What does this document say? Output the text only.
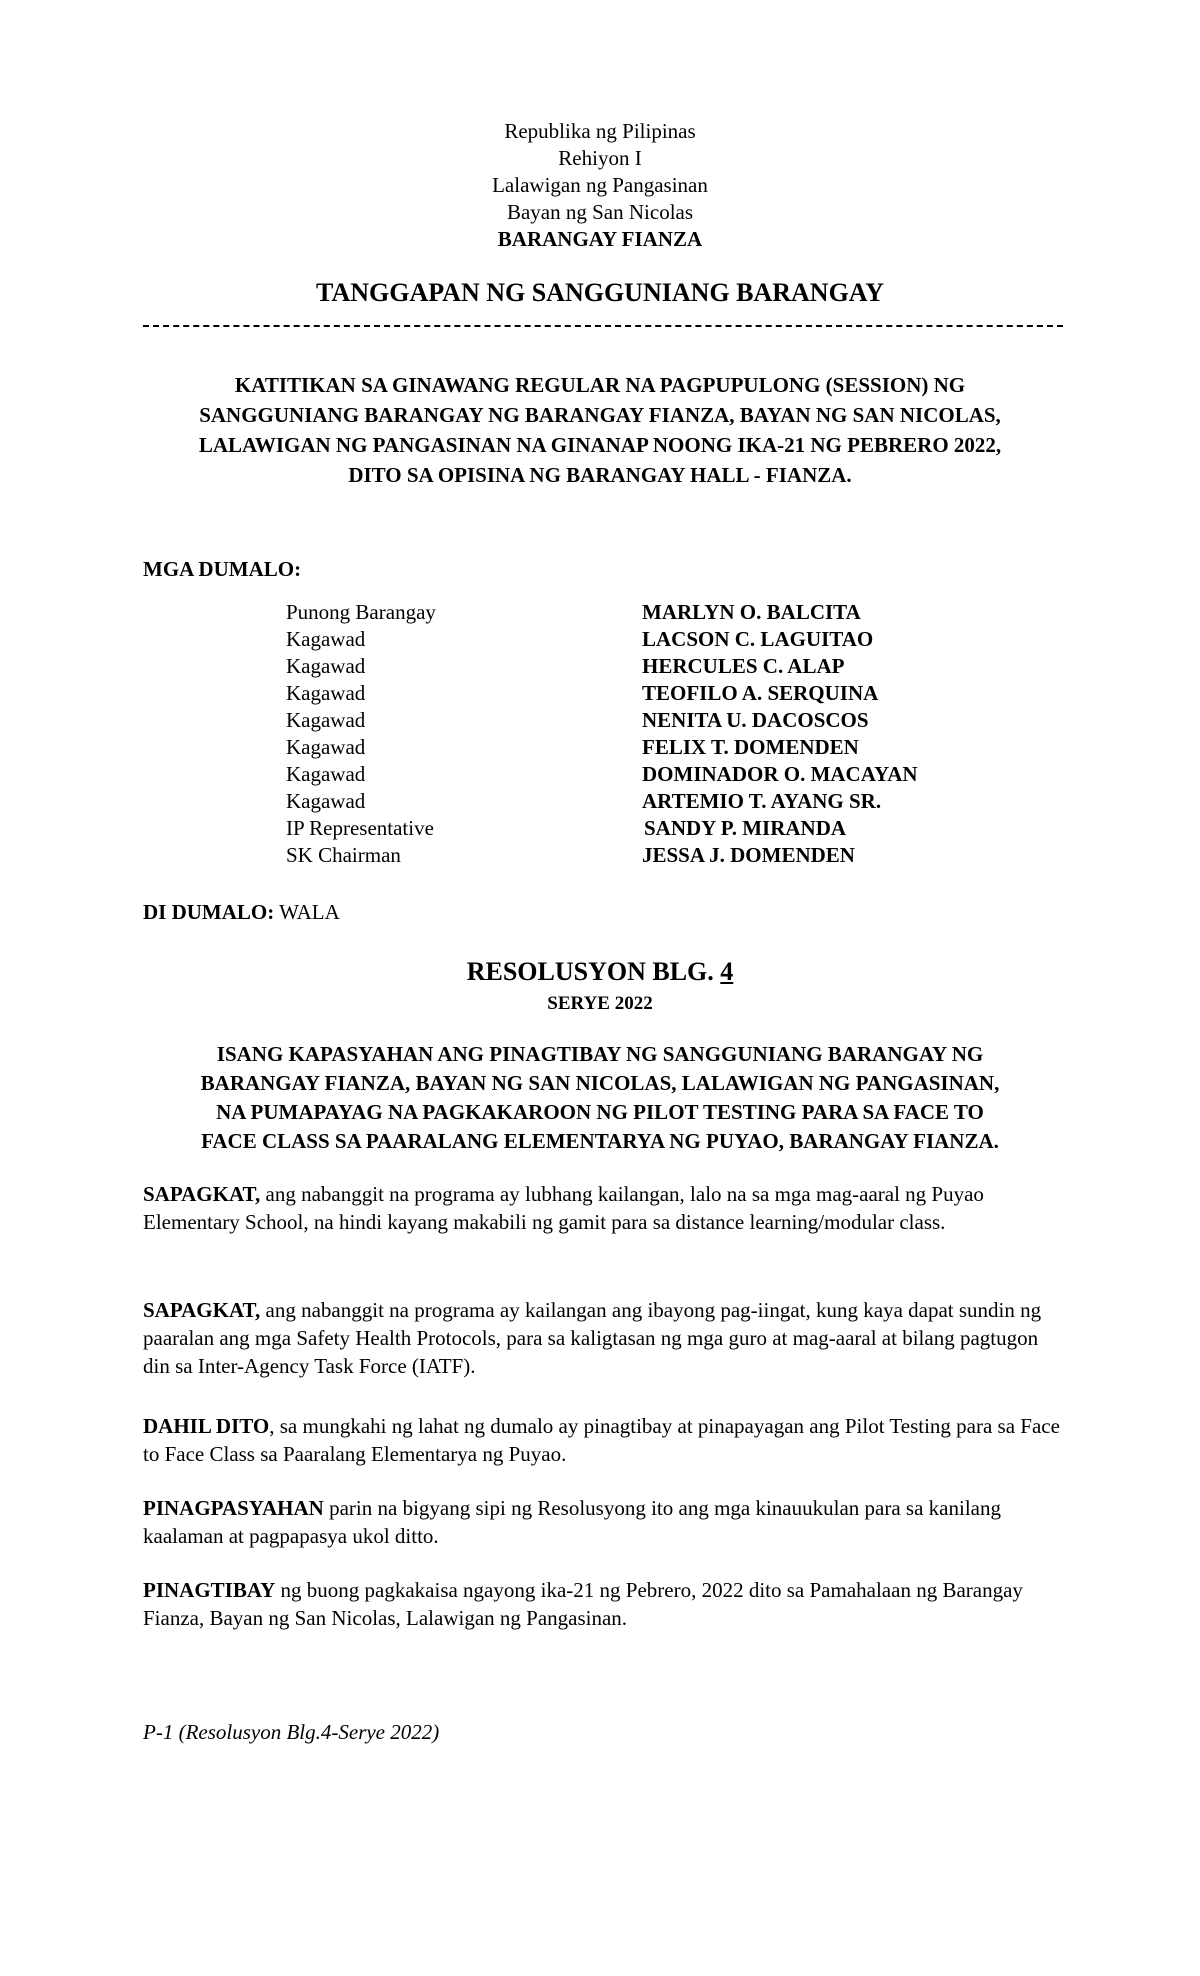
Republika ng Pilipinas
Rehiyon I
Lalawigan ng Pangasinan
Bayan ng San Nicolas
BARANGAY FIANZA
TANGGAPAN NG SANGGUNIANG BARANGAY
KATITIKAN SA GINAWANG REGULAR NA PAGPUPULONG (SESSION) NG
SANGGUNIANG BARANGAY NG BARANGAY FIANZA, BAYAN NG SAN NICOLAS,
LALAWIGAN NG PANGASINAN NA GINANAP NOONG IKA-21 NG PEBRERO 2022,
DITO SA OPISINA NG BARANGAY HALL - FIANZA.
MGA DUMALO:
Punong Barangay	MARLYN O. BALCITA
Kagawad	LACSON C. LAGUITAO
Kagawad	HERCULES C. ALAP
Kagawad	TEOFILO A. SERQUINA
Kagawad	NENITA U. DACOSCOS
Kagawad	FELIX T. DOMENDEN
Kagawad	DOMINADOR O. MACAYAN
Kagawad	ARTEMIO T. AYANG SR.
IP Representative	SANDY P. MIRANDA
SK Chairman	JESSA J. DOMENDEN
DI DUMALO: WALA
RESOLUSYON BLG. 4
SERYE 2022
ISANG KAPASYAHAN ANG PINAGTIBAY NG SANGGUNIANG BARANGAY NG
BARANGAY FIANZA, BAYAN NG SAN NICOLAS, LALAWIGAN NG PANGASINAN,
NA PUMAPAYAG NA PAGKAKAROON NG PILOT TESTING PARA SA FACE TO
FACE CLASS SA PAARALANG ELEMENTARYA NG PUYAO, BARANGAY FIANZA.
SAPAGKAT, ang nabanggit na programa ay lubhang kailangan, lalo na sa mga mag-aaral ng Puyao Elementary School, na hindi kayang makabili ng gamit para sa distance learning/modular class.
SAPAGKAT, ang nabanggit na programa ay kailangan ang ibayong pag-iingat, kung kaya dapat sundin ng paaralan ang mga Safety Health Protocols, para sa kaligtasan ng mga guro at mag-aaral at bilang pagtugon din sa Inter-Agency Task Force (IATF).
DAHIL DITO, sa mungkahi ng lahat ng dumalo ay pinagtibay at pinapayagan ang Pilot Testing para sa Face to Face Class sa Paaralang Elementarya ng Puyao.
PINAGPASYAHAN parin na bigyang sipi ng Resolusyong ito ang mga kinauukulan para sa kanilang kaalaman at pagpapasya ukol ditto.
PINAGTIBAY ng buong pagkakaisa ngayong ika-21 ng Pebrero, 2022 dito sa Pamahalaan ng Barangay Fianza, Bayan ng San Nicolas, Lalawigan ng Pangasinan.
P-1 (Resolusyon Blg.4-Serye 2022)
